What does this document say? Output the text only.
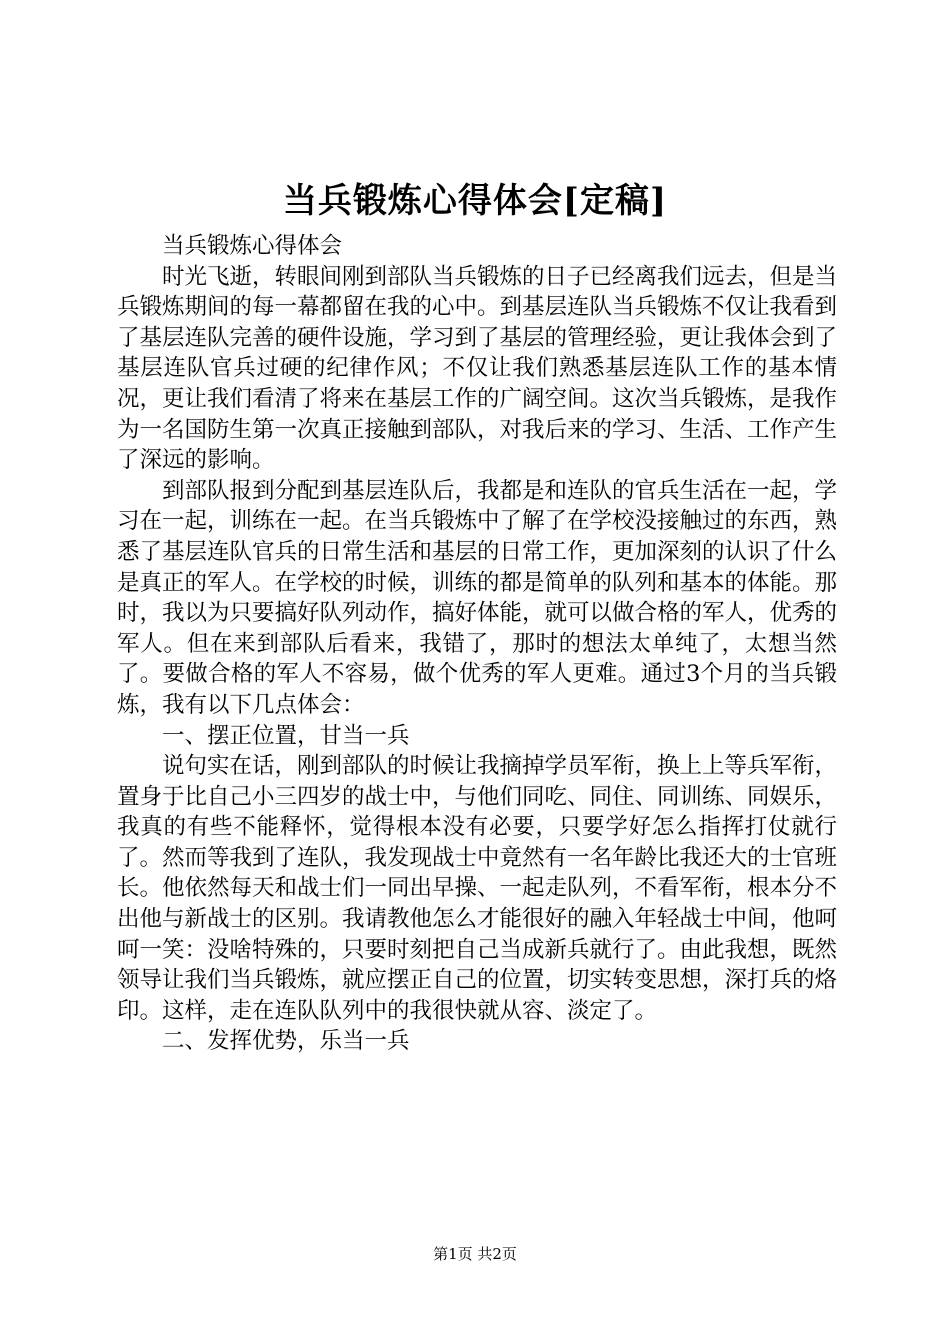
当兵锻炼心得体会[定稿]

当兵锻炼心得体会

时光飞逝，转眼间刚到部队当兵锻炼的日子已经离我们远去，但是当兵锻炼期间的每一幕都留在我的心中。到基层连队当兵锻炼不仅让我看到了基层连队完善的硬件设施，学习到了基层的管理经验，更让我体会到了基层连队官兵过硬的纪律作风；不仅让我们熟悉基层连队工作的基本情况，更让我们看清了将来在基层工作的广阔空间。这次当兵锻炼，是我作为一名国防生第一次真正接触到部队，对我后来的学习、生活、工作产生了深远的影响。

到部队报到分配到基层连队后，我都是和连队的官兵生活在一起，学习在一起，训练在一起。在当兵锻炼中了解了在学校没接触过的东西，熟悉了基层连队官兵的日常生活和基层的日常工作，更加深刻的认识了什么是真正的军人。在学校的时候，训练的都是简单的队列和基本的体能。那时，我以为只要搞好队列动作，搞好体能，就可以做合格的军人，优秀的军人。但在来到部队后看来，我错了，那时的想法太单纯了，太想当然了。要做合格的军人不容易，做个优秀的军人更难。通过3个月的当兵锻炼，我有以下几点体会：

一、摆正位置，甘当一兵

说句实在话，刚到部队的时候让我摘掉学员军衔，换上上等兵军衔，置身于比自己小三四岁的战士中，与他们同吃、同住、同训练、同娱乐，我真的有些不能释怀，觉得根本没有必要，只要学好怎么指挥打仗就行了。然而等我到了连队，我发现战士中竟然有一名年龄比我还大的士官班长。他依然每天和战士们一同出早操、一起走队列，不看军衔，根本分不出他与新战士的区别。我请教他怎么才能很好的融入年轻战士中间，他呵呵一笑：没啥特殊的，只要时刻把自己当成新兵就行了。由此我想，既然领导让我们当兵锻炼，就应摆正自己的位置，切实转变思想，深打兵的烙印。这样，走在连队队列中的我很快就从容、淡定了。

二、发挥优势，乐当一兵

第1页 共2页
